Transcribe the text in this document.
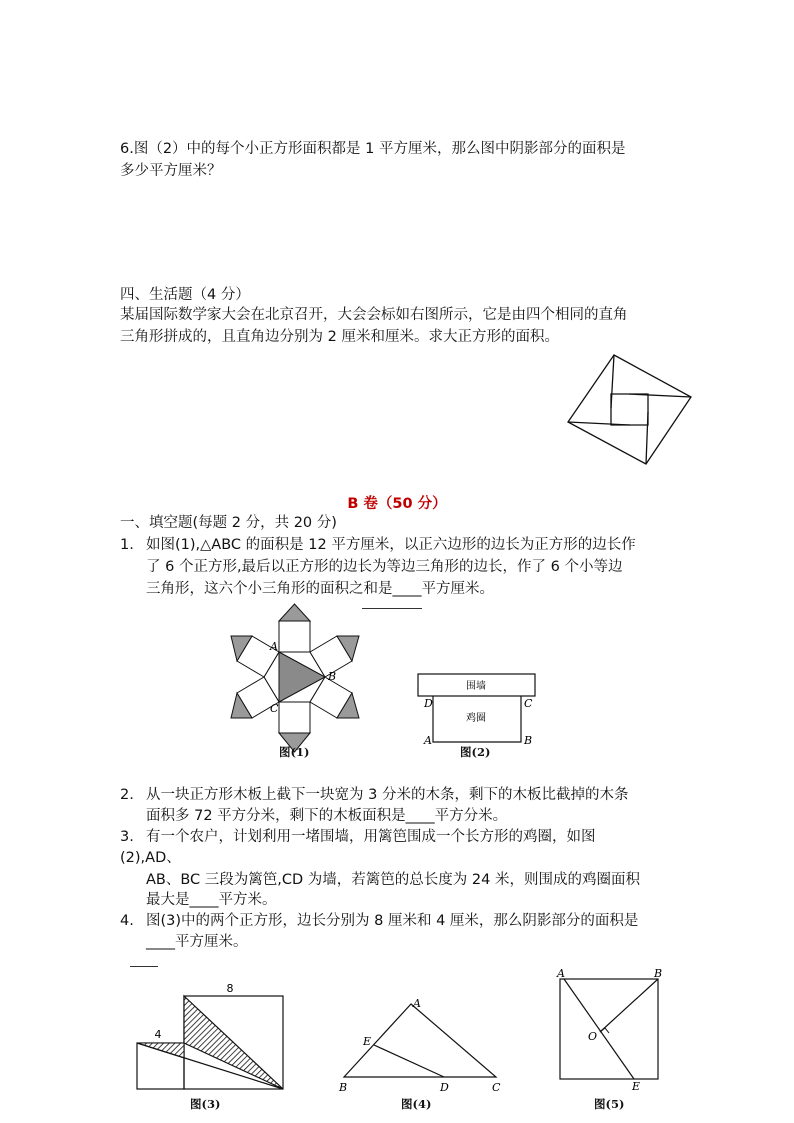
6.图（2）中的每个小正方形面积都是 1 平方厘米，那么图中阴影部分的面积是
多少平方厘米？
四、生活题（4 分）
某届国际数学家大会在北京召开，大会会标如右图所示，它是由四个相同的直角
三角形拼成的，且直角边分别为 2 厘米和厘米。求大正方形的面积。
B 卷（50 分）
一、填空题(每题 2 分，共 20 分)
1. 如图(1),△ABC 的面积是 12 平方厘米，以正六边形的边长为正方形的边长作
了 6 个正方形,最后以正方形的边长为等边三角形的边长，作了 6 个小等边
三角形，这六个小三角形的面积之和是____平方厘米。
A
B
C
图(1)
围墙
鸡圈
D	C
A	B
图(2)
2. 从一块正方形木板上截下一块宽为 3 分米的木条，剩下的木板比截掉的木条
面积多 72 平方分米，剩下的木板面积是____平方分米。
3. 有一个农户，计划利用一堵围墙，用篱笆围成一个长方形的鸡圈，如图
(2),AD、
AB、BC 三段为篱笆,CD 为墙，若篱笆的总长度为 24 米，则围成的鸡圈面积
最大是____平方米。
4. 图(3)中的两个正方形，边长分别为 8 厘米和 4 厘米，那么阴影部分的面积是
____平方厘米。
8
4
图(3)
A
B	C
D
E
图(4)
A	B
O
E
图(5)
